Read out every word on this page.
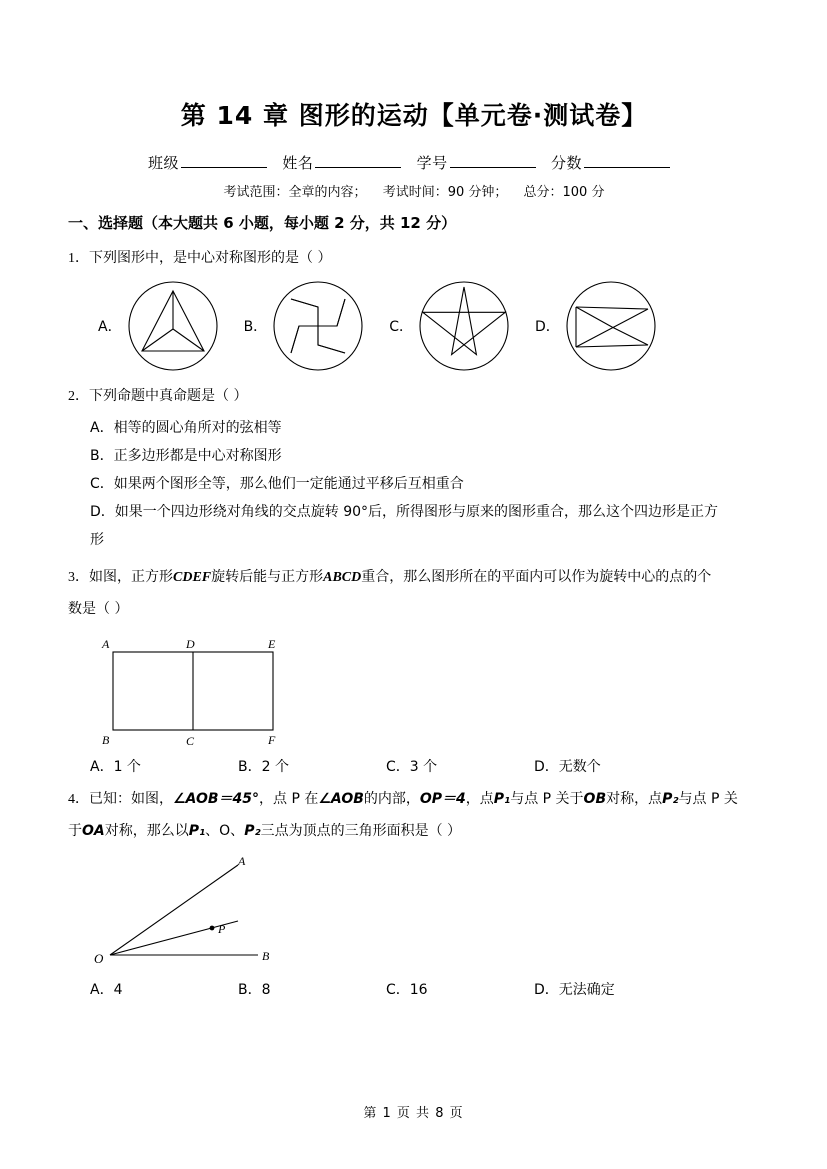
第 14 章 图形的运动【单元卷·测试卷】
班级	姓名	学号	分数
考试范围：全章的内容； 考试时间：90 分钟； 总分：100 分
一、选择题（本大题共 6 小题，每小题 2 分，共 12 分）
1．下列图形中，是中心对称图形的是（ ）
A．	B．	C．	D．
2．下列命题中真命题是（ ）
A．相等的圆心角所对的弦相等
B．正多边形都是中心对称图形
C．如果两个图形全等，那么他们一定能通过平移后互相重合
D．如果一个四边形绕对角线的交点旋转 90°后，所得图形与原来的图形重合，那么这个四边形是正方
形
3．如图，正方形CDEF旋转后能与正方形ABCD重合，那么图形所在的平面内可以作为旋转中心的点的个
数是（ ）
A	D	E
B	C	F
A．1 个	B．2 个	C．3 个	D．无数个
4．已知：如图，∠AOB＝45°，点 P 在∠AOB的内部，OP＝4，点P₁与点 P 关于OB对称，点P₂与点 P 关
于OA对称，那么以P₁、O、P₂三点为顶点的三角形面积是（ ）
A
P
O	B
A．4	B．8	C．16	D．无法确定
第 1 页 共 8 页
